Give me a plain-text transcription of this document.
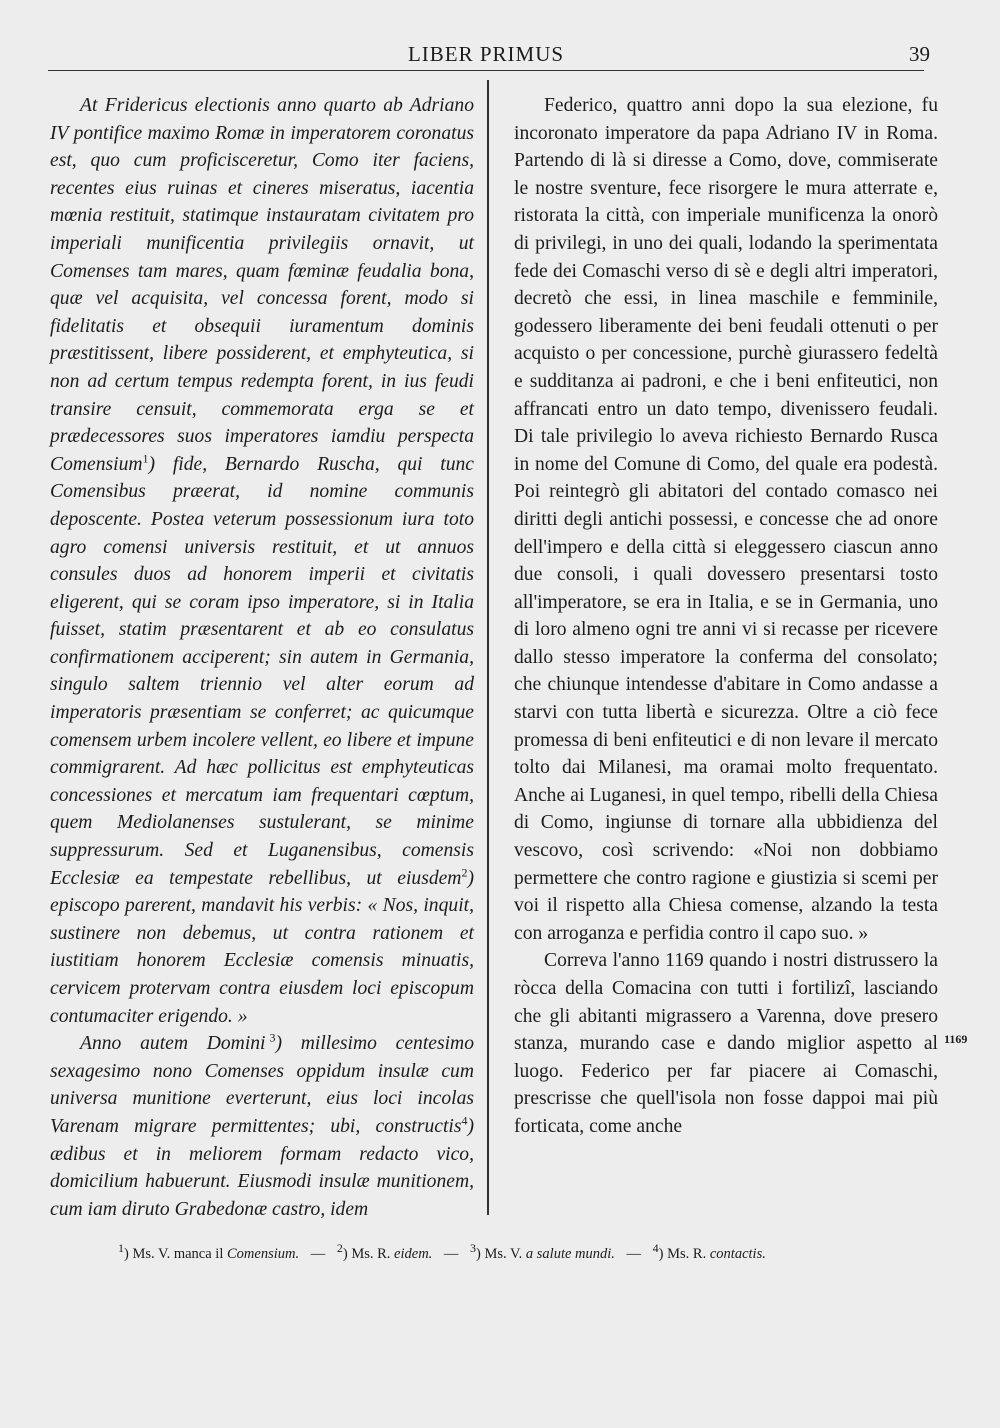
LIBER PRIMUS	39

At Fridericus electionis anno quarto ab Adriano IV pontifice maximo Romæ in imperatorem coronatus est, quo cum proficisceretur, Como iter faciens, recentes eius ruinas et cineres miseratus, iacentia mœnia restituit, statimque instauratam civitatem pro imperiali munificentia privilegiis ornavit, ut Comenses tam mares, quam fœminæ feudalia bona, quæ vel acquisita, vel concessa forent, modo si fidelitatis et obsequii iuramentum dominis præstitissent, libere possiderent, et emphyteutica, si non ad certum tempus redempta forent, in ius feudi transire censuit, commemorata erga se et prædecessores suos imperatores iamdiu perspecta Comensium$^1$) fide, Bernardo Ruscha, qui tunc Comensibus præerat, id nomine communis deposcente. Postea veterum possessionum iura toto agro comensi universis restituit, et ut annuos consules duos ad honorem imperii et civitatis eligerent, qui se coram ipso imperatore, si in Italia fuisset, statim præsentarent et ab eo consulatus confirmationem acciperent; sin autem in Germania, singulo saltem triennio vel alter eorum ad imperatoris præsentiam se conferret; ac quicumque comensem urbem incolere vellent, eo libere et impune commigrarent. Ad hæc pollicitus est emphyteuticas concessiones et mercatum iam frequentari cœptum, quem Mediolanenses sustulerant, se minime suppressurum. Sed et Luganensibus, comensis Ecclesiæ ea tempestate rebellibus, ut eiusdem$^2$) episcopo parerent, mandavit his verbis: « Nos, inquit, sustinere non debemus, ut contra rationem et iustitiam honorem Ecclesiæ comensis minuatis, cervicem protervam contra eiusdem loci episcopum contumaciter erigendo. »

Anno autem Domini  $^3$) millesimo centesimo sexagesimo nono Comenses oppidum insulæ cum universa munitione everterunt, eius loci incolas Varenam migrare permittentes; ubi, constructis$^4$) ædibus et in meliorem formam redacto vico, domicilium habuerunt. Eiusmodi insulæ munitionem, cum iam diruto Grabedonæ castro, idem

Federico, quattro anni dopo la sua elezione, fu incoronato imperatore da papa Adriano IV in Roma. Partendo di là si diresse a Como, dove, commiserate le nostre sventure, fece risorgere le mura atterrate e, ristorata la città, con imperiale munificenza la onorò di privilegi, in uno dei quali, lodando la sperimentata fede dei Comaschi verso di sè e degli altri imperatori, decretò che essi, in linea maschile e femminile, godessero liberamente dei beni feudali ottenuti o per acquisto o per concessione, purchè giurassero fedeltà e sudditanza ai padroni, e che i beni enfiteutici, non affrancati entro un dato tempo, divenissero feudali. Di tale privilegio lo aveva richiesto Bernardo Rusca in nome del Comune di Como, del quale era podestà. Poi reintegrò gli abitatori del contado comasco nei diritti degli antichi possessi, e concesse che ad onore dell'impero e della città si eleggessero ciascun anno due consoli, i quali dovessero presentarsi tosto all'imperatore, se era in Italia, e se in Germania, uno di loro almeno ogni tre anni vi si recasse per ricevere dallo stesso imperatore la conferma del consolato; che chiunque intendesse d'abitare in Como andasse a starvi con tutta libertà e sicurezza. Oltre a ciò fece promessa di beni enfiteutici e di non levare il mercato tolto dai Milanesi, ma oramai molto frequentato. Anche ai Luganesi, in quel tempo, ribelli della Chiesa di Como, ingiunse di tornare alla ubbidienza del vescovo, così scrivendo: «Noi non dobbiamo permettere che contro ragione e giustizia si scemi per voi il rispetto alla Chiesa comense, alzando la testa con arroganza e perfidia contro il capo suo. »

Correva l'anno 1169 quando i nostri distrussero la ròcca della Comacina con tutti i fortilizî, lasciando che gli abitanti migrassero a Varenna, dove presero stanza, murando case e dando miglior aspetto al luogo. Federico per far piacere ai Comaschi, prescrisse che quell'isola non fosse dappoi mai più forticata, come anche

1169
$^1$) Ms. V. manca il Comensium. — $^2$) Ms. R. eidem. — $^3$) Ms. V. a salute mundi. — $^4$) Ms. R. contactis.
